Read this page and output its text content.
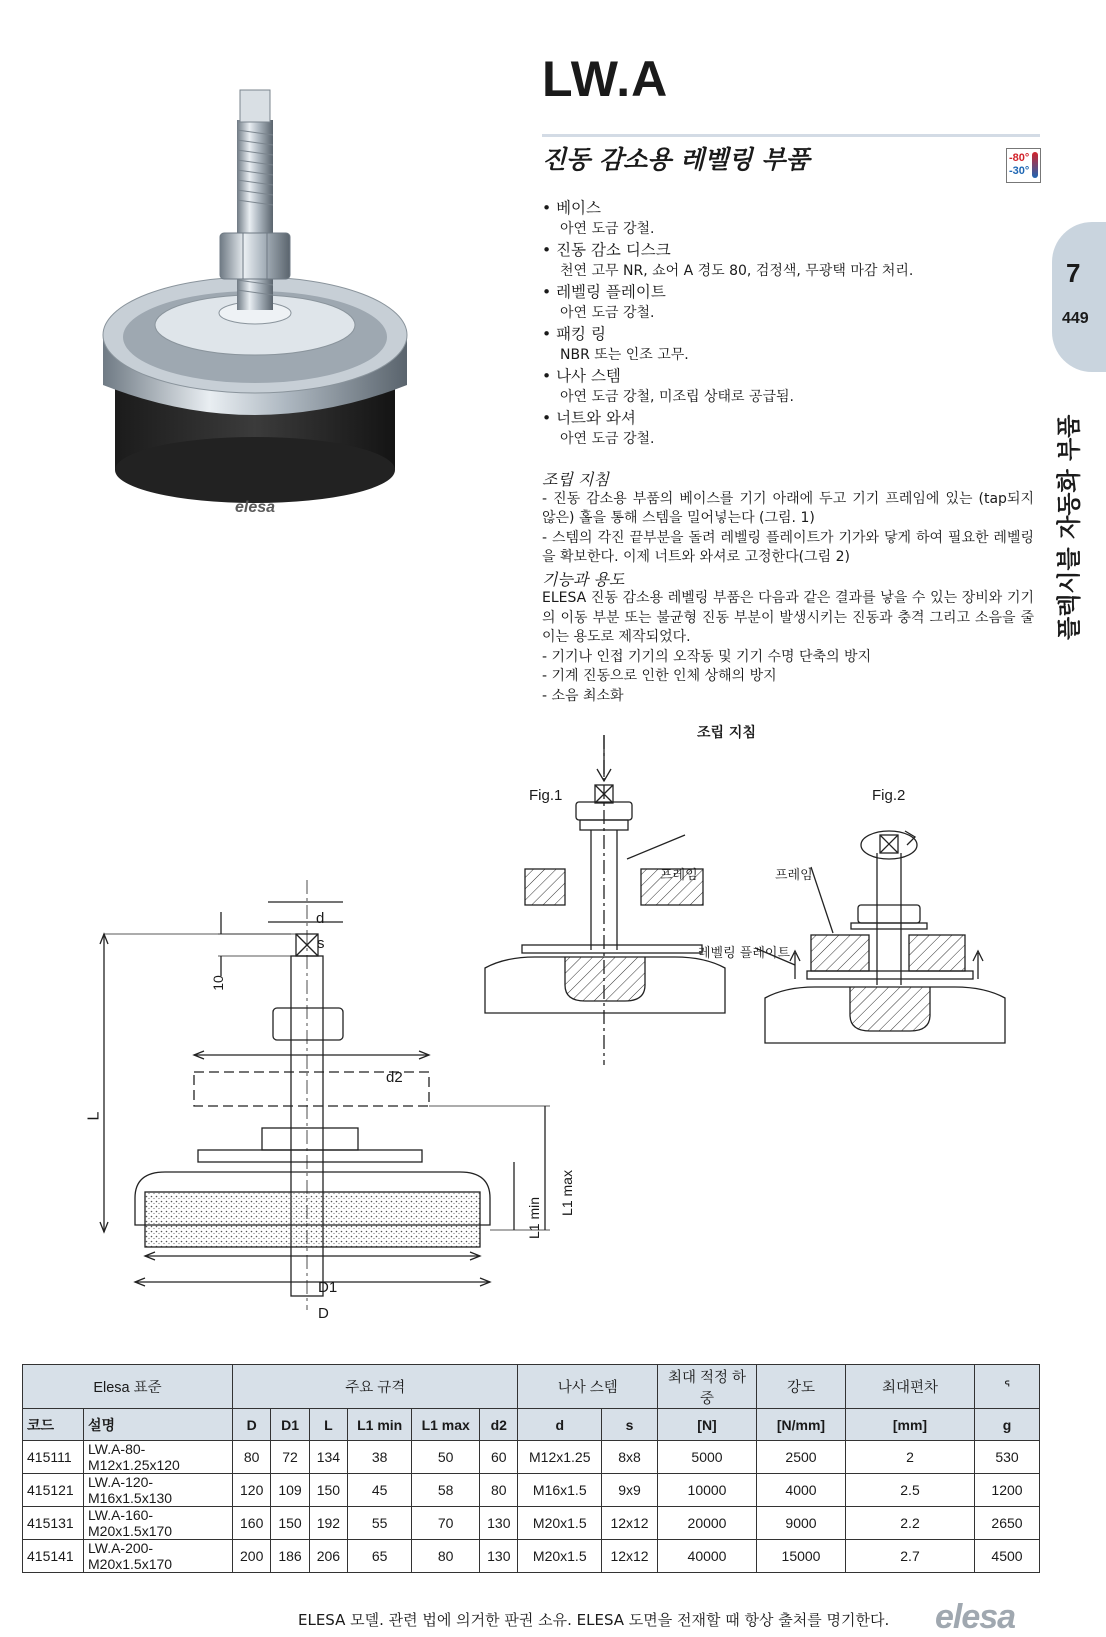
LW.A
진동 감소용 레벨링 부품	-80°
-30°
7
449
플렉시블 자동화 부품
elesa
• 베이스
아연 도금 강철.
• 진동 감소 디스크
천연 고무 NR, 쇼어 A 경도 80, 검정색, 무광택 마감 처리.
• 레벨링 플레이트
아연 도금 강철.
• 패킹 링
NBR 또는 인조 고무.
• 나사 스템
아연 도금 강철, 미조립 상태로 공급됨.
• 너트와 와셔
아연 도금 강철.
조립 지침

- 진동 감소용 부품의 베이스를 기기 아래에 두고 기기 프레임에 있는 (tap되지 않은) 홀을 통해 스템을 밀어넣는다 (그림. 1)

- 스템의 각진 끝부분을 돌려 레벨링 플레이트가 기가와 닿게 하여 필요한 레벨링을 확보한다. 이제 너트와 와셔로 고정한다(그림 2)

기능과 용도

ELESA 진동 감소용 레벨링 부품은 다음과 같은 결과를 낳을 수 있는 장비와 기기의 이동 부분 또는 불균형 진동 부분이 발생시키는 진동과 충격 그리고 소음을 줄이는 용도로 제작되었다.

- 기기나 인접 기기의 오작동 및 기기 수명 단축의 방지

- 기계 진동으로 인한 인체 상해의 방지

- 소음 최소화

조립 지침
Fig.1	Fig.2
프레임
레벨링 플레이트
d
s
10
L
d2
L1 min
L1 max
D1
D
Elesa 표준		주요 규격						나사 스템		최대 적정 하중	강도	최대편차	ᕐ
코드	설명	D	D1	L	L1 min	L1 max	d2	d	s	[N]	[N/mm]	[mm]	g
415111	LW.A-80-M12x1.25x120	80	72	134	38	50	60	M12x1.25	8x8	5000	2500	2	530
415121	LW.A-120-M16x1.5x130	120	109	150	45	58	80	M16x1.5	9x9	10000	4000	2.5	1200
415131	LW.A-160-M20x1.5x170	160	150	192	55	70	130	M20x1.5	12x12	20000	9000	2.2	2650
415141	LW.A-200-M20x1.5x170	200	186	206	65	80	130	M20x1.5	12x12	40000	15000	2.7	4500
ELESA 모델. 관련 법에 의거한 판권 소유. ELESA 도면을 전재할 때 항상 출처를 명기한다. elesa
